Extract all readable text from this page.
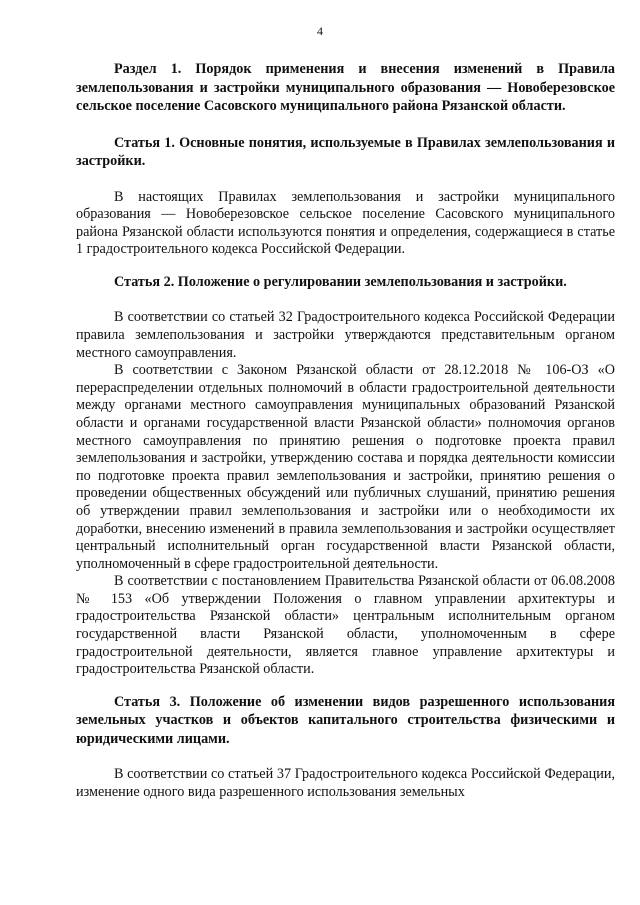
4

Раздел 1. Порядок применения и внесения изменений в Правила землепользования и застройки муниципального образования — Новоберезовское сельское поселение Сасовского муниципального района Рязанской области.

Статья 1. Основные понятия, используемые в Правилах землепользования и застройки.

В настоящих Правилах землепользования и застройки муниципального образования — Новоберезовское сельское поселение Сасовского муниципального района Рязанской области используются понятия и определения, содержащиеся в статье 1 градостроительного кодекса Российской Федерации.

Статья 2. Положение о регулировании землепользования и застройки.

В соответствии со статьей 32 Градостроительного кодекса Российской Федерации правила землепользования и застройки утверждаются представительным органом местного самоуправления.

В соответствии с Законом Рязанской области от 28.12.2018 № 106-ОЗ «О перераспределении отдельных полномочий в области градостроительной деятельности между органами местного самоуправления муниципальных образований Рязанской области и органами государственной власти Рязанской области» полномочия органов местного самоуправления по принятию решения о подготовке проекта правил землепользования и застройки, утверждению состава и порядка деятельности комиссии по подготовке проекта правил землепользования и застройки, принятию решения о проведении общественных обсуждений или публичных слушаний, принятию решения об утверждении правил землепользования и застройки или о необходимости их доработки, внесению изменений в правила землепользования и застройки осуществляет центральный исполнительный орган государственной власти Рязанской области, уполномоченный в сфере градостроительной деятельности.

В соответствии с постановлением Правительства Рязанской области от 06.08.2008 № 153 «Об утверждении Положения о главном управлении архитектуры и градостроительства Рязанской области» центральным исполнительным органом государственной власти Рязанской области, уполномоченным в сфере градостроительной деятельности, является главное управление архитектуры и градостроительства Рязанской области.

Статья 3. Положение об изменении видов разрешенного использования земельных участков и объектов капитального строительства физическими и юридическими лицами.

В соответствии со статьей 37 Градостроительного кодекса Российской Федерации, изменение одного вида разрешенного использования земельных
